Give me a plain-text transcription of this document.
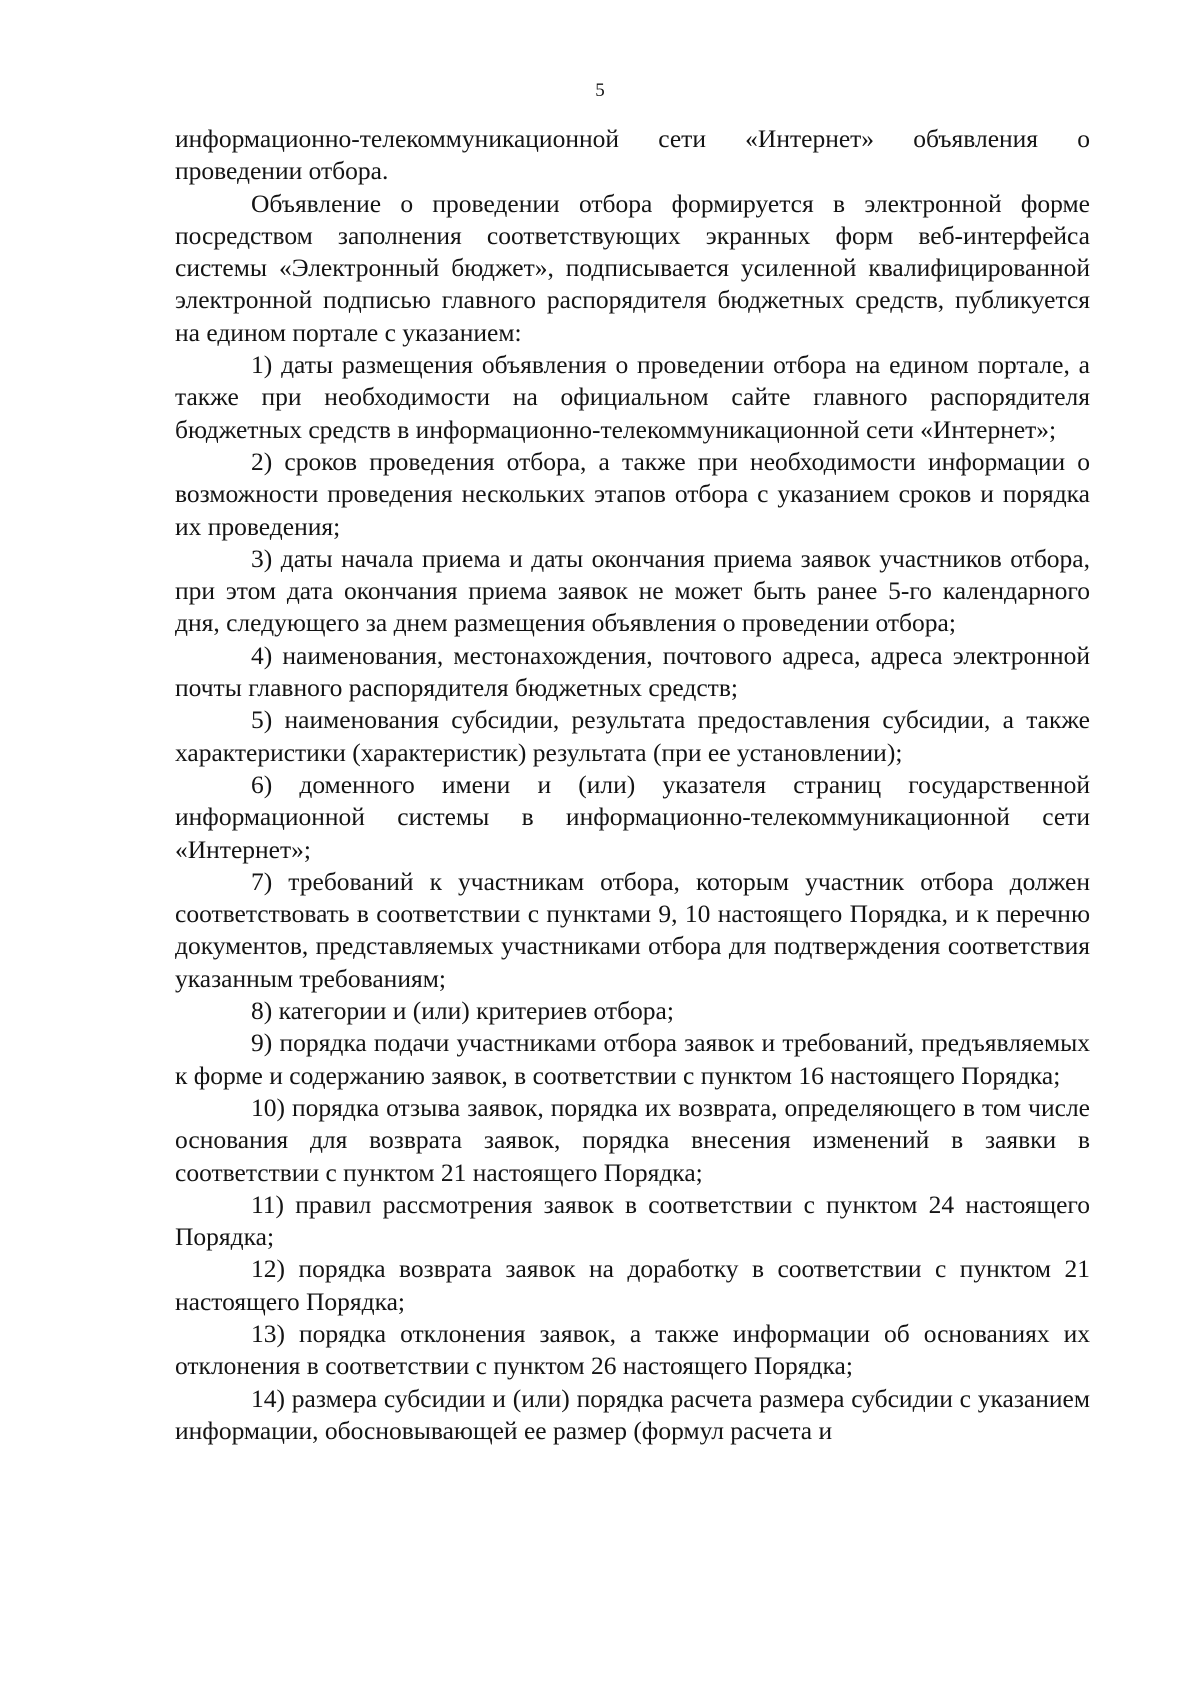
5

информационно-телекоммуникационной сети «Интернет» объявления о проведении отбора.

Объявление о проведении отбора формируется в электронной форме посредством заполнения соответствующих экранных форм веб-интерфейса системы «Электронный бюджет», подписывается усиленной квалифицированной электронной подписью главного распорядителя бюджетных средств, публикуется на едином портале с указанием:

1) даты размещения объявления о проведении отбора на едином портале, а также при необходимости на официальном сайте главного распорядителя бюджетных средств в информационно-телекоммуникационной сети «Интернет»;

2) сроков проведения отбора, а также при необходимости информации о возможности проведения нескольких этапов отбора с указанием сроков и порядка их проведения;

3) даты начала приема и даты окончания приема заявок участников отбора, при этом дата окончания приема заявок не может быть ранее 5-го календарного дня, следующего за днем размещения объявления о проведении отбора;

4) наименования, местонахождения, почтового адреса, адреса электронной почты главного распорядителя бюджетных средств;

5) наименования субсидии, результата предоставления субсидии, а также характеристики (характеристик) результата (при ее установлении);

6) доменного имени и (или) указателя страниц государственной информационной системы в информационно-телекоммуникационной сети «Интернет»;

7) требований к участникам отбора, которым участник отбора должен соответствовать в соответствии с пунктами 9, 10 настоящего Порядка, и к перечню документов, представляемых участниками отбора для подтверждения соответствия указанным требованиям;

8) категории и (или) критериев отбора;

9) порядка подачи участниками отбора заявок и требований, предъявляемых к форме и содержанию заявок, в соответствии с пунктом 16 настоящего Порядка;

10) порядка отзыва заявок, порядка их возврата, определяющего в том числе основания для возврата заявок, порядка внесения изменений в заявки в соответствии с пунктом 21 настоящего Порядка;

11) правил рассмотрения заявок в соответствии с пунктом 24 настоящего Порядка;

12) порядка возврата заявок на доработку в соответствии с пунктом 21 настоящего Порядка;

13) порядка отклонения заявок, а также информации об основаниях их отклонения в соответствии с пунктом 26 настоящего Порядка;

14) размера субсидии и (или) порядка расчета размера субсидии с указанием информации, обосновывающей ее размер (формул расчета и
